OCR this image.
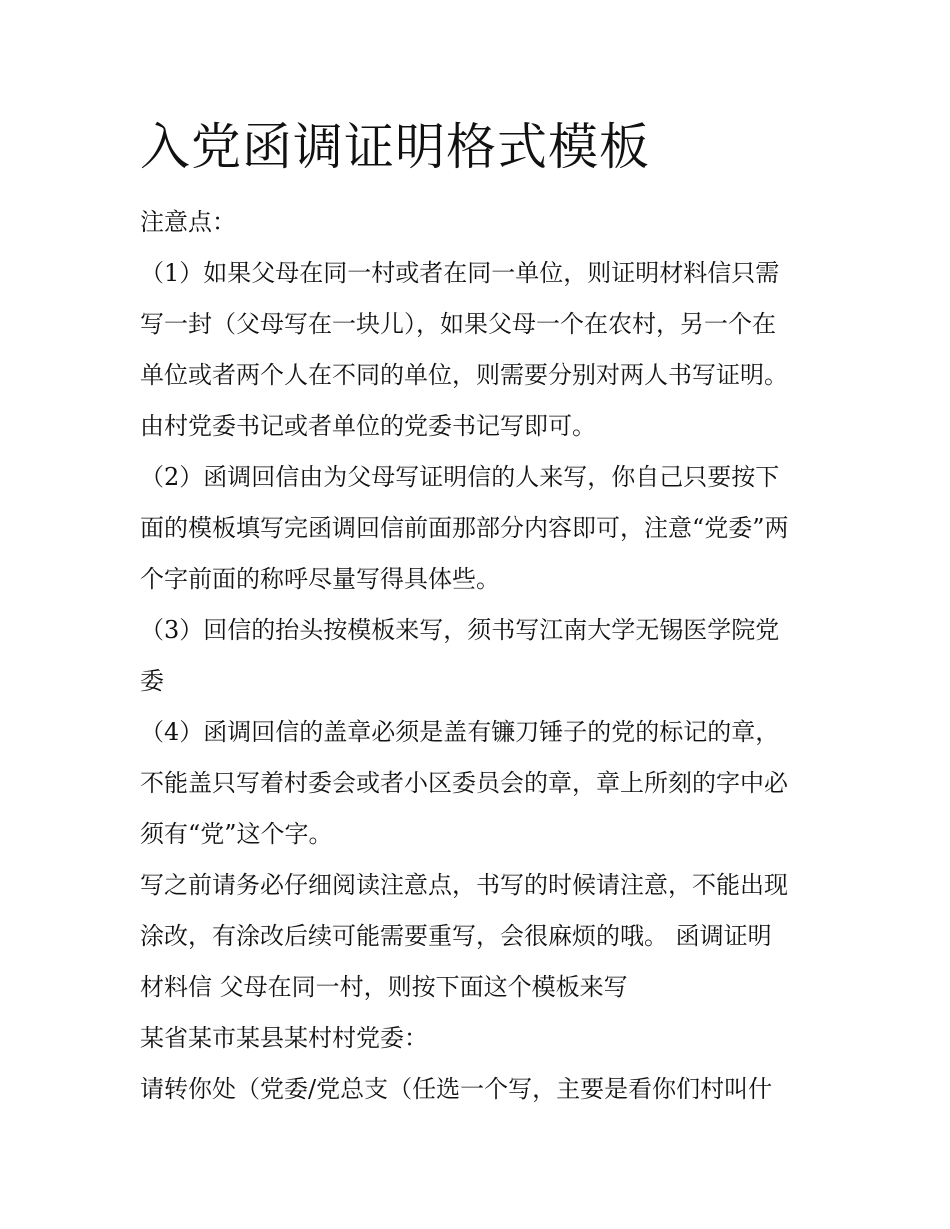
入党函调证明格式模板
注意点：
（1）如果父母在同一村或者在同一单位，则证明材料信只需
写一封（父母写在一块儿），如果父母一个在农村，另一个在
单位或者两个人在不同的单位，则需要分别对两人书写证明。
由村党委书记或者单位的党委书记写即可。
（2）函调回信由为父母写证明信的人来写，你自己只要按下
面的模板填写完函调回信前面那部分内容即可，注意“党委”两
个字前面的称呼尽量写得具体些。
（3）回信的抬头按模板来写，须书写江南大学无锡医学院党
委
（4）函调回信的盖章必须是盖有镰刀锤子的党的标记的章，
不能盖只写着村委会或者小区委员会的章，章上所刻的字中必
须有“党”这个字。
写之前请务必仔细阅读注意点，书写的时候请注意，不能出现
涂改，有涂改后续可能需要重写，会很麻烦的哦。 函调证明
材料信 父母在同一村，则按下面这个模板来写
某省某市某县某村村党委：
请转你处（党委/党总支（任选一个写，主要是看你们村叫什
